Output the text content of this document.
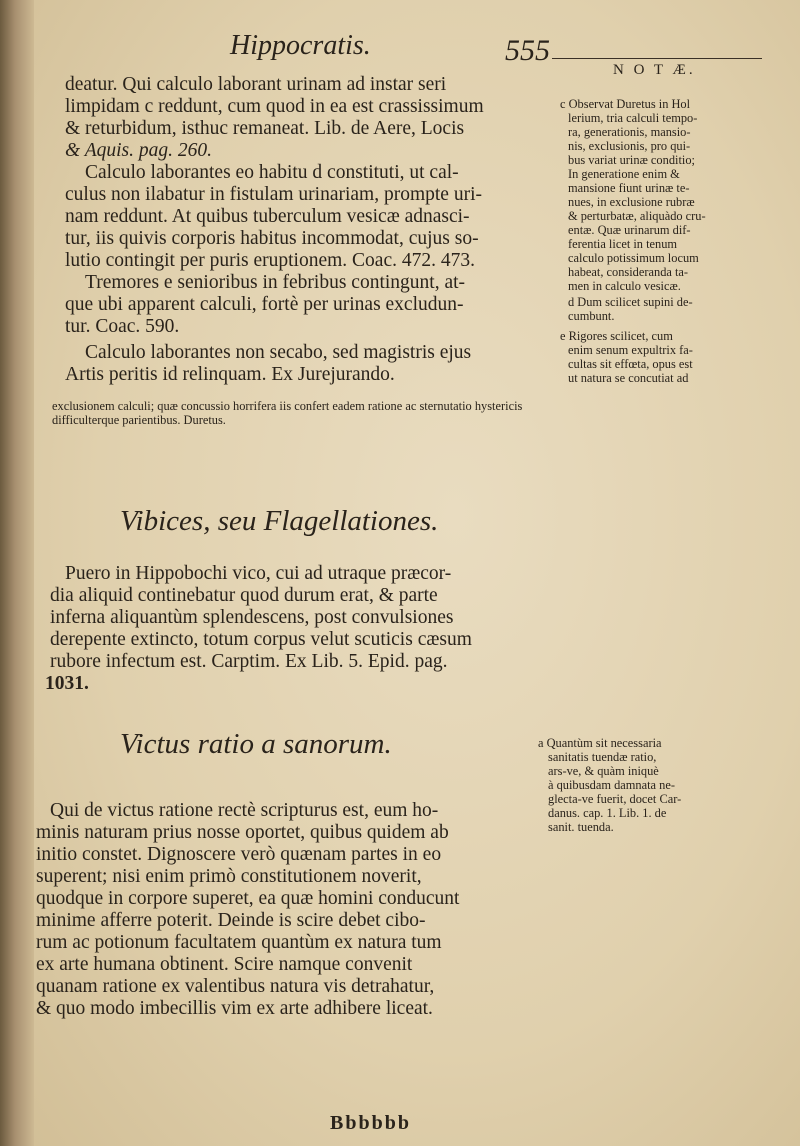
Hippocratis.	555
N O T Æ.
deatur. Qui calculo laborant urinam ad instar seri
limpidam c reddunt, cum quod in ea est crassissimum
& returbidum, isthuc remaneat. Lib. de Aere, Locis
& Aquis. pag. 260.
Calculo laborantes eo habitu d constituti, ut cal-
culus non ilabatur in fistulam urinariam, prompte uri-
nam reddunt. At quibus tuberculum vesicæ adnasci-
tur, iis quivis corporis habitus incommodat, cujus so-
lutio contingit per puris eruptionem. Coac. 472. 473.
Tremores e senioribus in febribus contingunt, at-
que ubi apparent calculi, fortè per urinas excludun-
tur. Coac. 590.
Calculo laborantes non secabo, sed magistris ejus
Artis peritis id relinquam. Ex Jurejurando.
c Observat Duretus in Hol
lerium, tria calculi tempo-
ra, generationis, mansio-
nis, exclusionis, pro qui-
bus variat urinæ conditio;
In generatione enim &
mansione fiunt urinæ te-
nues, in exclusione rubræ
& perturbatæ, aliquàdo cru-
entæ. Quæ urinarum dif-
ferentia licet in tenum
calculo potissimum locum
habeat, consideranda ta-
men in calculo vesicæ.
d Dum scilicet supini de-
cumbunt.
e Rigores scilicet, cum
enim senum expultrix fa-
cultas sit effœta, opus est
ut natura se concutiat ad
exclusionem calculi; quæ concussio horrifera iis confert eadem ratione ac sternutatio hystericis
difficulterque parientibus. Duretus.
Vibices, seu Flagellationes.
Puero in Hippobochi vico, cui ad utraque præcor-
dia aliquid continebatur quod durum erat, & parte
inferna aliquantùm splendescens, post convulsiones
derepente extincto, totum corpus velut scuticis cæsum
rubore infectum est. Carptim. Ex Lib. 5. Epid. pag.
1031.
Victus ratio a sanorum.	a Quantùm sit necessaria
sanitatis tuendæ ratio,
ars-ve, & quàm iniquè
à quibusdam damnata ne-
glecta-ve fuerit, docet Car-
danus. cap. 1. Lib. 1. de
sanit. tuenda.
Qui de victus ratione rectè scripturus est, eum ho-
minis naturam prius nosse oportet, quibus quidem ab
initio constet. Dignoscere verò quænam partes in eo
superent; nisi enim primò constitutionem noverit,
quodque in corpore superet, ea quæ homini conducunt
minime afferre poterit. Deinde is scire debet cibo-
rum ac potionum facultatem quantùm ex natura tum
ex arte humana obtinent. Scire namque convenit
quanam ratione ex valentibus natura vis detrahatur,
& quo modo imbecillis vim ex arte adhibere liceat.
Bbbbbb
